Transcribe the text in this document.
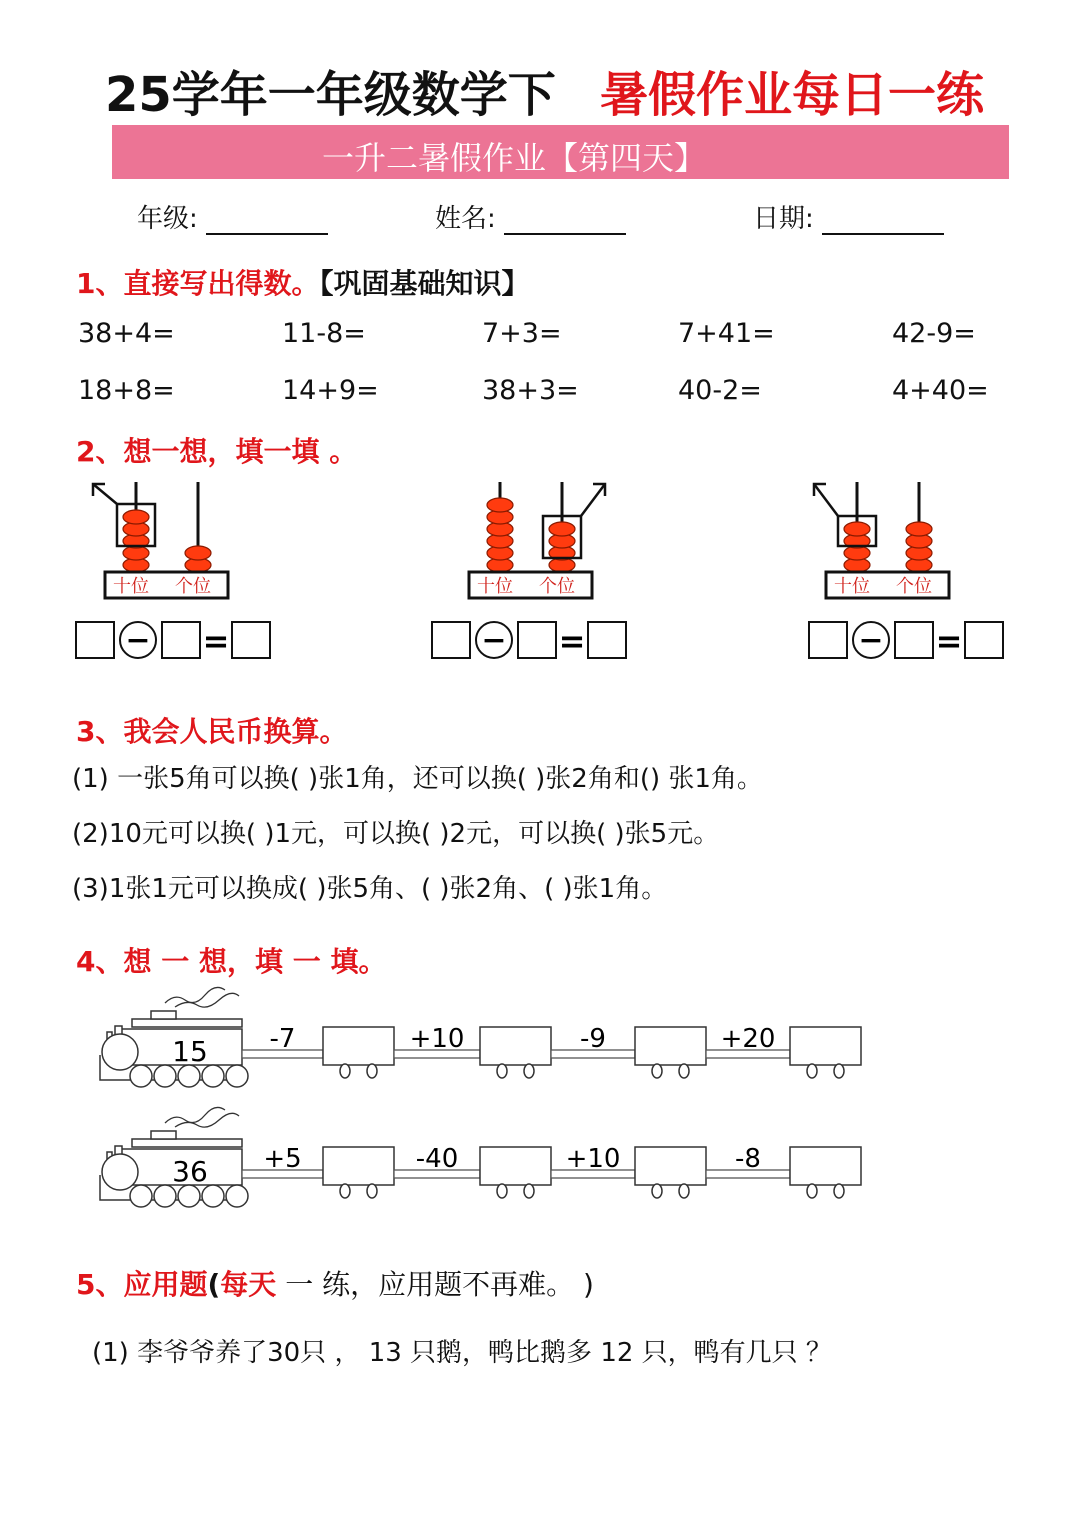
25学年一年级数学下 暑假作业每日一练
一升二暑假作业【第四天】
年级:	姓名:	日期:
1、直接写出得数。【巩固基础知识】
38+4=	11-8=	7+3=	7+41=	42-9=
18+8=	14+9=	38+3=	40-2=	4+40=
2、想一想，填一填 。
十位 个位
− =
十位 个位
− =
十位 个位
− =
3、我会人民币换算。
(1) 一张5角可以换( )张1角，还可以换( )张2角和() 张1角。
(2)10元可以换( )1元，可以换( )2元，可以换( )张5元。
(3)1张1元可以换成( )张5角、( )张2角、( )张1角。
4、想 一 想，填 一 填。
15 -7	+10	-9	+20
36 +5	-40	+10	-8
5、应用题(每天 一 练，应用题不再难。 )
(1) 李爷爷养了30只 ， 13 只鹅，鸭比鹅多 12 只，鸭有几只 ？
